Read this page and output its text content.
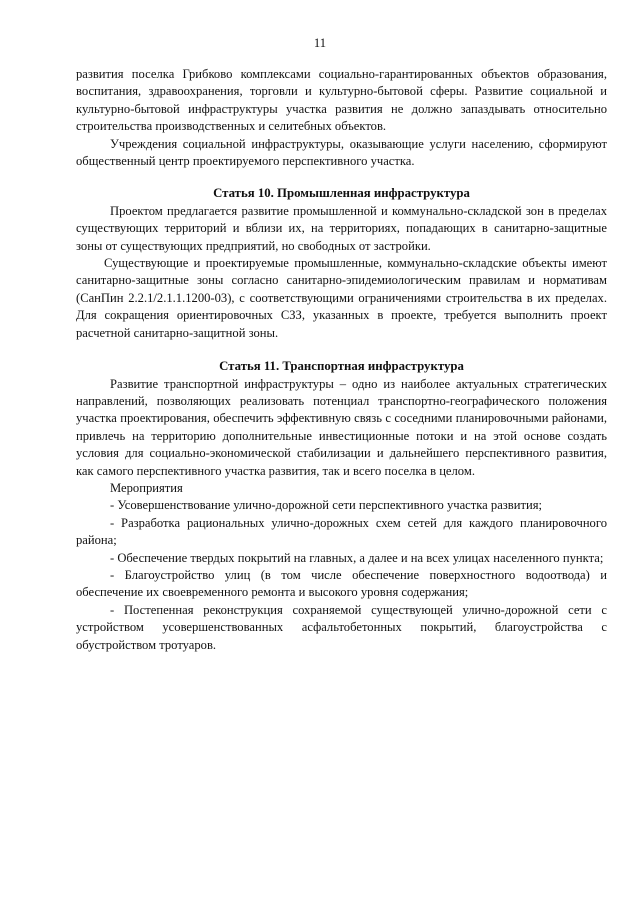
11

развития поселка Грибково комплексами социально-гарантированных объектов образования, воспитания, здравоохранения, торговли и культурно-бытовой сферы. Развитие социальной и культурно-бытовой инфраструктуры участка развития не должно запаздывать относительно строительства производственных и селитебных объектов.

Учреждения социальной инфраструктуры, оказывающие услуги населению, сформируют общественный центр проектируемого перспективного участка.

Статья 10. Промышленная инфраструктура

Проектом предлагается развитие промышленной и коммунально-складской зон в пределах существующих территорий и вблизи их, на территориях, попадающих в санитарно-защитные зоны от существующих предприятий, но свободных от застройки.

Существующие и проектируемые промышленные, коммунально-складские объекты имеют санитарно-защитные зоны согласно санитарно-эпидемиологическим правилам и нормативам (СанПин 2.2.1/2.1.1.1200-03), с соответствующими ограничениями строительства в их пределах. Для сокращения ориентировочных СЗЗ, указанных в проекте, требуется выполнить проект расчетной санитарно-защитной зоны.

Статья 11. Транспортная инфраструктура

Развитие транспортной инфраструктуры – одно из наиболее актуальных стратегических направлений, позволяющих реализовать потенциал транспортно-географического положения участка проектирования, обеспечить эффективную связь с соседними планировочными районами, привлечь на территорию дополнительные инвестиционные потоки и на этой основе создать условия для социально-экономической стабилизации и дальнейшего перспективного развития, как самого перспективного участка развития, так и всего поселка в целом.

Мероприятия

- Усовершенствование улично-дорожной сети перспективного участка развития;

- Разработка рациональных улично-дорожных схем сетей для каждого планировочного района;

- Обеспечение твердых покрытий на главных, а далее и на всех улицах населенного пункта;

- Благоустройство улиц (в том числе обеспечение поверхностного водоотвода) и обеспечение их своевременного ремонта и высокого уровня содержания;

- Постепенная реконструкция сохраняемой существующей улично-дорожной сети с устройством усовершенствованных асфальтобетонных покрытий, благоустройства с обустройством тротуаров.
